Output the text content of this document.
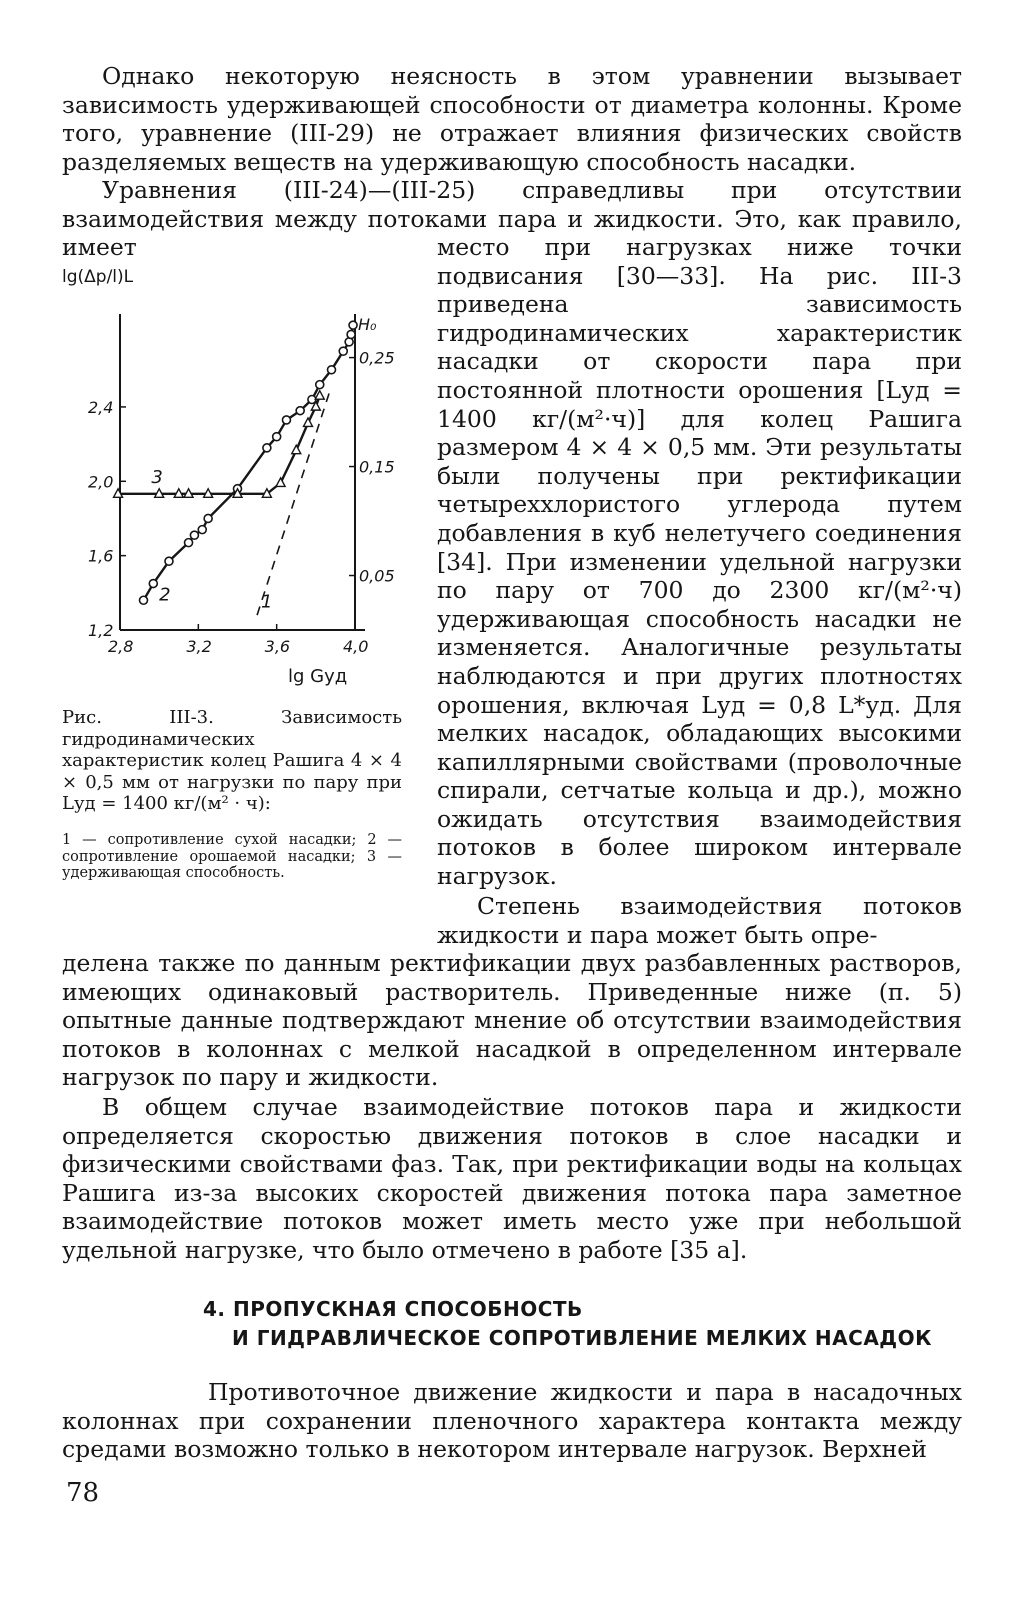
Однако некоторую неясность в этом уравнении вызывает зависимость удерживающей способности от диаметра колонны. Кроме того, уравнение (III-29) не отражает влияния физических свойств разделяемых веществ на удерживающую способность насадки.

Уравнения (III-24)—(III-25) справедливы при отсутствии взаимодействия между потоками пара и жидкости. Это, как правило, имеет	место при нагрузках ниже точки подвисания [30—33]. На рис. III-3 приведена зависимость гидродинамических характеристик насадки от скорости пара при постоянной плотности орошения [Lуд = 1400 кг/(м²·ч)] для колец Рашига размером 4 × 4 × 0,5 мм. Эти результаты были получены при ректификации четыреххлористого углерода путем добавления в куб нелетучего соединения [34]. При изменении удельной нагрузки по пару от 700 до 2300 кг/(м²·ч) удерживающая способность насадки не изменяется. Аналогичные результаты наблюдаются и при других плотностях орошения, включая Lуд = 0,8 L*уд. Для мелких насадок, обладающих высокими капиллярными свойствами (проволочные спирали, сетчатые кольца и др.), можно ожидать отсутствия взаимодействия потоков в более широком интервале нагрузок.

Степень взаимодействия потоков жидкости и пара может быть опре-

делена также по данным ректификации двух разбавленных растворов, имеющих одинаковый растворитель. Приведенные ниже (п. 5) опытные данные подтверждают мнение об отсутствии взаимодействия потоков в колоннах с мелкой насадкой в определенном интервале нагрузок по пару и жидкости.

В общем случае взаимодействие потоков пара и жидкости определяется скоростью движения потоков в слое насадки и физическими свойствами фаз. Так, при ректификации воды на кольцах Рашига из-за высоких скоростей движения потока пара заметное взаимодействие потоков может иметь место уже при небольшой удельной нагрузке, что было отмечено в работе [35 а].

4. ПРОПУСКНАЯ СПОСОБНОСТЬ
И ГИДРАВЛИЧЕСКОЕ СОПРОТИВЛЕНИЕ МЕЛКИХ НАСАДОК

Противоточное движение жидкости и пара в насадочных колоннах при сохранении пленочного характера контакта между средами возможно только в некотором интервале нагрузок. Верхней

78
2,8	3,2	3,6	4,0
1,2
1,6
2,0
2,4
0,05
0,15
0,25
1
2
3
lg(Δp/l)L
H₀
lg Gуд

Рис. III-3. Зависимость гидродинамических характеристик колец Рашига 4 × 4 × 0,5 мм от нагрузки по пару при Lуд = 1400 кг/(м² · ч):

1 — сопротивление сухой насадки; 2 — сопротивление орошаемой насадки; 3 — удерживающая способность.
